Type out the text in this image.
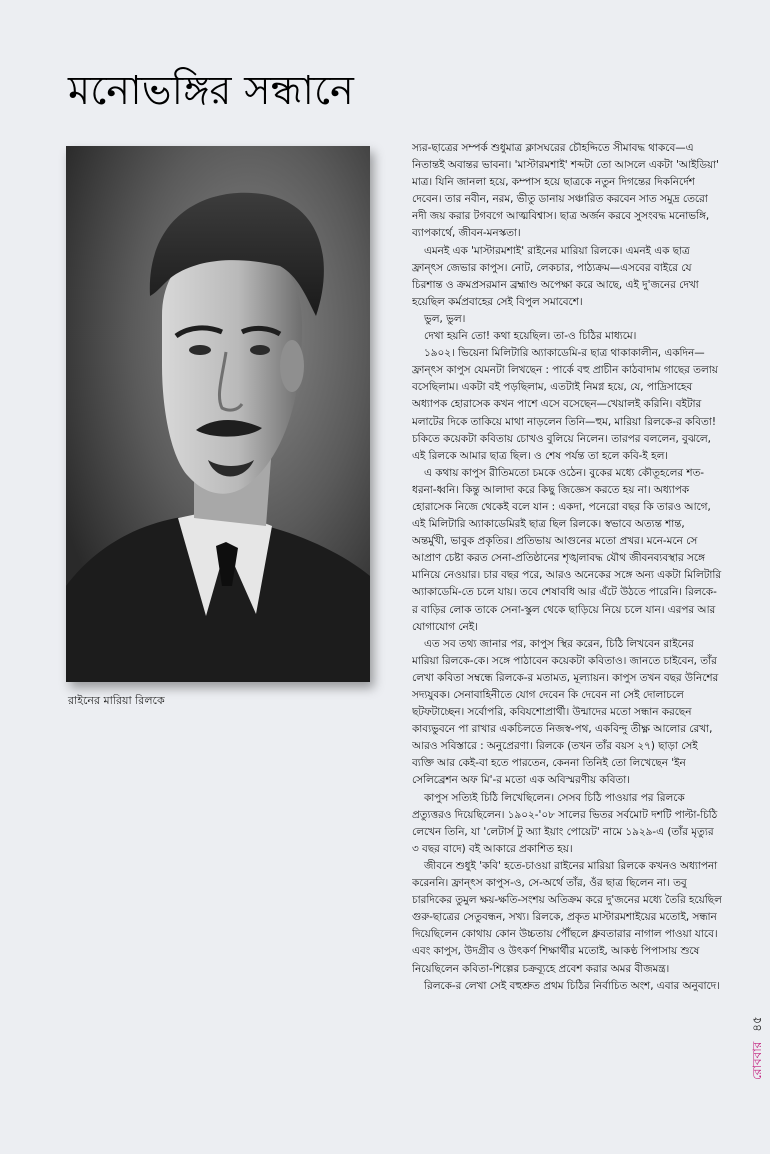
মনোভঙ্গির সন্ধানে
রাইনের মারিয়া রিলকে

স্যর-ছাত্রের সম্পর্ক শুধুমাত্র ক্লাসঘরের চৌহদ্দিতে সীমাবদ্ধ থাকবে—এ নিতান্তই অবান্তর ভাবনা। 'মাস্টারমশাই' শব্দটা তো আসলে একটা 'আইডিয়া' মাত্র। যিনি জানলা হয়ে, কম্পাস হয়ে ছাত্রকে নতুন দিগন্তের দিকনির্দেশ দেবেন। তার নবীন, নরম, ভীতু ডানায় সঞ্চারিত করবেন সাত সমুদ্র তেরো নদী জয় করার টগবগে আত্মবিশ্বাস। ছাত্র অর্জন করবে সুসংবদ্ধ মনোভঙ্গি, ব্যাপকার্থে, জীবন-মনস্কতা।

এমনই এক 'মাস্টারমশাই' রাইনের মারিয়া রিলকে। এমনই এক ছাত্র ফ্রান্‌ৎস জেভার কাপুস। নোট, লেকচার, পাঠ্যক্রম—এসবের বাইরে যে চিরশান্ত ও ক্রমপ্রসরমান ব্রহ্মাণ্ড অপেক্ষা করে আছে, এই দু'জনের দেখা হয়েছিল কর্মপ্রবাহের সেই বিপুল সমাবেশে।

ভুল, ভুল।

দেখা হয়নি তো! কথা হয়েছিল। তা-ও চিঠির মাধ্যমে।

১৯০২। ভিয়েনা মিলিটারি অ্যাকাডেমি-র ছাত্র থাকাকালীন, একদিন—ফ্রান্‌ৎস কাপুস যেমনটা লিখছেন : পার্কে বহু প্রাচীন কাঠবাদাম গাছের তলায় বসেছিলাম। একটা বই পড়ছিলাম, এতটাই নিমগ্ন হয়ে, যে, পাদ্রিসাহেব অধ্যাপক হোরাসেক কখন পাশে এসে বসেছেন—খেয়ালই করিনি। বইটার মলাটের দিকে তাকিয়ে মাথা নাড়লেন তিনি—হুম, মারিয়া রিলকে-র কবিতা! চকিতে কয়েকটা কবিতায় চোখও বুলিয়ে নিলেন। তারপর বললেন, বুঝলে, এই রিলকে আমার ছাত্র ছিল। ও শেষ পর্যন্ত তা হলে কবি-ই হল।

এ কথায় কাপুস রীতিমতো চমকে ওঠেন। বুকের মধ্যে কৌতূহলের শত-ধরনা-ধ্বনি। কিন্তু আলাদা করে কিছু জিজ্ঞেস করতে হয় না। অধ্যাপক হোরাসেক নিজে থেকেই বলে যান : একদা, পনেরো বছর কি তারও আগে, এই মিলিটারি অ্যাকাডেমিরই ছাত্র ছিল রিলকে। স্বভাবে অত্যন্ত শান্ত, অন্তর্মুখী, ভাবুক প্রকৃতির। প্রতিভায় আগুনের মতো প্রখর। মনে-মনে সে আপ্রাণ চেষ্টা করত সেনা-প্রতিষ্ঠানের শৃঙ্খলাবদ্ধ যৌথ জীবনব্যবস্থার সঙ্গে মানিয়ে নেওয়ার। চার বছর পরে, আরও অনেকের সঙ্গে অন্য একটা মিলিটারি অ্যাকাডেমি-তে চলে যায়। তবে শেষাবধি আর এঁটে উঠতে পারেনি। রিলকে-র বাড়ির লোক তাকে সেনা-স্কুল থেকে ছাড়িয়ে নিয়ে চলে যান। এরপর আর যোগাযোগ নেই।

এত সব তথ্য জানার পর, কাপুস স্থির করেন, চিঠি লিখবেন রাইনের মারিয়া রিলকে-কে। সঙ্গে পাঠাবেন কয়েকটা কবিতাও। জানতে চাইবেন, তাঁর লেখা কবিতা সম্বন্ধে রিলকে-র মতামত, মূল্যায়ন। কাপুস তখন বছর উনিশের সদ্যযুবক। সেনাবাহিনীতে যোগ দেবেন কি দেবেন না সেই দোলাচলে ছটফটাচ্ছেন। সর্বোপরি, কবিযশোপ্রার্থী। উন্মাদের মতো সন্ধান করছেন কাব্যভুবনে পা রাখার একচিলতে নিজস্ব-পথ, একবিন্দু তীক্ষ্ণ আলোর রেখা, আরও সবিস্তারে : অনুপ্রেরণা। রিলকে (তখন তাঁর বয়স ২৭) ছাড়া সেই ব্যক্তি আর কেই-বা হতে পারতেন, কেননা তিনিই তো লিখেছেন 'ইন সেলিব্রেশন অফ মি'-র মতো এক অবিস্মরণীয় কবিতা।

কাপুস সত্যিই চিঠি লিখেছিলেন। সেসব চিঠি পাওয়ার পর রিলকে প্রত্যুত্তরও দিয়েছিলেন। ১৯০২-'০৮ সালের ভিতর সর্বমোট দশটি পাল্টা-চিঠি লেখেন তিনি, যা 'লেটার্স টু অ্যা ইয়াং পোয়েট' নামে ১৯২৯-এ (তাঁর মৃত্যুর ৩ বছর বাদে) বই আকারে প্রকাশিত হয়।

জীবনে শুধুই 'কবি' হতে-চাওয়া রাইনের মারিয়া রিলকে কখনও অধ্যাপনা করেননি। ফ্রান্‌ৎস কাপুস-ও, সে-অর্থে তাঁর, ওঁর ছাত্র ছিলেন না। তবু চারদিকের তুমুল ক্ষয়-ক্ষতি-সংশয় অতিক্রম করে দু'জনের মধ্যে তৈরি হয়েছিল গুরু-ছাত্রের সেতুবন্ধন, সখ্য। রিলকে, প্রকৃত মাস্টারমশাইয়ের মতোই, সন্ধান দিয়েছিলেন কোথায় কোন উচ্চতায় পৌঁছলে ধ্রুবতারার নাগাল পাওয়া যাবে। এবং কাপুস, উদগ্রীব ও উৎকর্ণ শিক্ষার্থীর মতোই, আকণ্ঠ পিপাসায় শুষে নিয়েছিলেন কবিতা-শিল্পের চক্রব্যূহে প্রবেশ করার অমর বীজমন্ত্র।

রিলকে-র লেখা সেই বহুশ্রুত প্রথম চিঠির নির্বাচিত অংশ, এবার অনুবাদে।

রোববার ৪৫
